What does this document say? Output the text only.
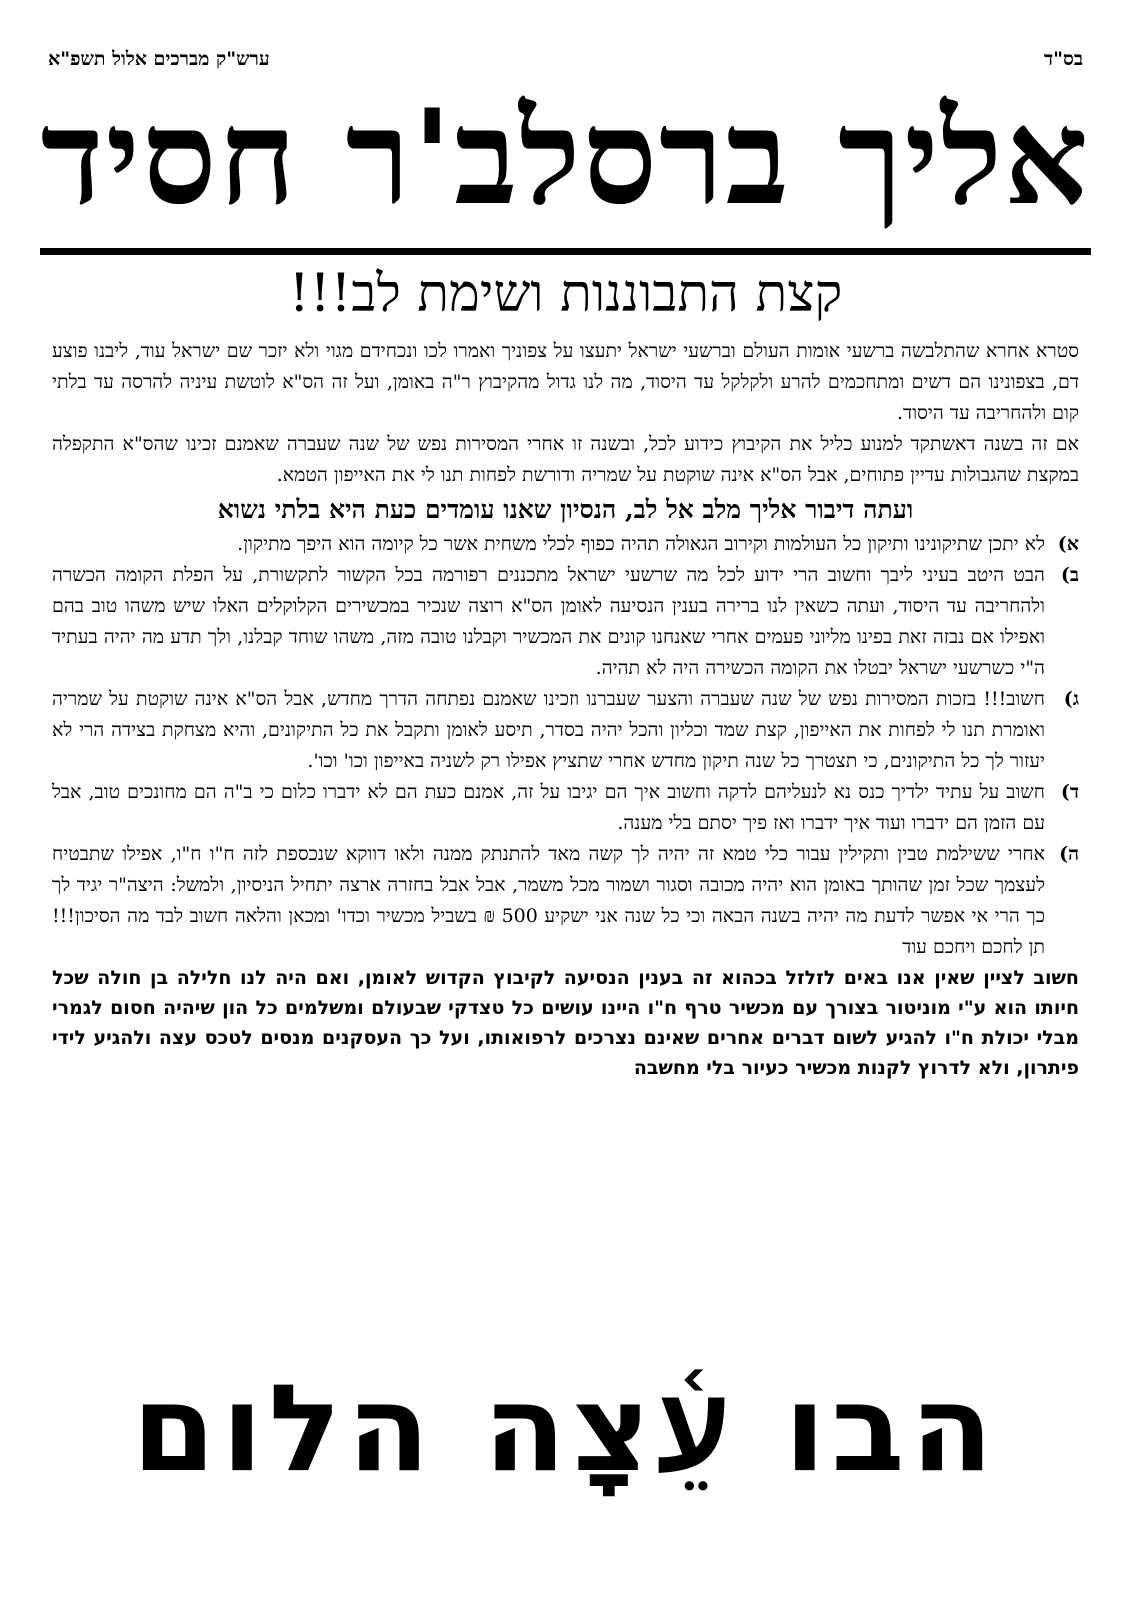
בס"ד
ערש"ק מברכים אלול תשפ"א
אליך ברסלב'ר חסיד
קצת התבוננות ושימת לב!!!

סטרא אחרא שהתלבשה ברשעי אומות העולם וברשעי ישראל יתעצו על צפוניך ואמרו לכו ונכחידם מגוי ולא יזכר שם ישראל עוד, ליבנו פוצע דם, בצפונינו הם דשים ומתחכמים להרע ולקלקל עד היסוד, מה לנו גדול מהקיבוץ ר"ה באומן, ועל זה הס"א לוטשת עיניה להרסה עד בלתי קום ולהחריבה עד היסוד.

אם זה בשנה דאשתקד למנוע כליל את הקיבוץ כידוע לכל, ובשנה זו אחרי המסירות נפש של שנה שעברה שאמנם זכינו שהס"א התקפלה במקצת שהגבולות עדיין פתוחים, אבל הס"א אינה שוקטת על שמריה ודורשת לפחות תנו לי את האייפון הטמא.

ועתה דיבור אליך מלב אל לב, הנסיון שאנו עומדים כעת היא בלתי נשוא
א)
לא יתכן שתיקונינו ותיקון כל העולמות וקירוב הגאולה תהיה כפוף לכלי משחית אשר כל קיומה הוא היפך מתיקון.
ב)
הבט היטב בעיני ליבך וחשוב הרי ידוע לכל מה שרשעי ישראל מתכננים רפורמה בכל הקשור לתקשורת, על הפלת הקומה הכשרה ולהחריבה עד היסוד, ועתה כשאין לנו ברירה בענין הנסיעה לאומן הס"א רוצה שנכיר במכשירים הקלוקלים האלו שיש משהו טוב בהם ואפילו אם נבזה זאת בפינו מליוני פעמים אחרי שאנחנו קונים את המכשיר וקבלנו טובה מזה, משהו שוחד קבלנו, ולך תדע מה יהיה בעתיד ה"י כשרשעי ישראל יבטלו את הקומה הכשירה היה לא תהיה.
ג)
חשוב!!! בזכות המסירות נפש של שנה שעברה והצער שעברנו וזכינו שאמנם נפתחה הדרך מחדש, אבל הס"א אינה שוקטת על שמריה ואומרת תנו לי לפחות את האייפון, קצת שמד וכליון והכל יהיה בסדר, תיסע לאומן ותקבל את כל התיקונים, והיא מצחקת בצידה הרי לא יעזור לך כל התיקונים, כי תצטרך כל שנה תיקון מחדש אחרי שתציץ אפילו רק לשניה באייפון וכו' וכו'.
ד)
חשוב על עתיד ילדיך כנס נא לנעליהם לדקה וחשוב איך הם יגיבו על זה, אמנם כעת הם לא ידברו כלום כי ב"ה הם מחונכים טוב, אבל עם הזמן הם ידברו ועוד איך ידברו ואז פיך יסתם בלי מענה.
ה)
אחרי ששילמת טבין ותקילין עבור כלי טמא זה יהיה לך קשה מאד להתנתק ממנה ולאו דווקא שנכספת לזה ח"ו ח"ו, אפילו שתבטיח לעצמך שכל זמן שהותך באומן הוא יהיה מכובה וסגור ושמור מכל משמר, אבל אבל בחזרה ארצה יתחיל הניסיון, ולמשל: היצה"ר יגיד לך כך הרי אי אפשר לדעת מה יהיה בשנה הבאה וכי כל שנה אני ישקיע 500 ₪ בשביל מכשיר וכדו' ומכאן והלאה חשוב לבד מה הסיכון!!! תן לחכם ויחכם עוד

חשוב לציין שאין אנו באים לזלזל בכהוא זה בענין הנסיעה לקיבוץ הקדוש לאומן, ואם היה לנו חלילה בן חולה שכל חיותו הוא ע"י מוניטור בצורך עם מכשיר טרף ח"ו היינו עושים כל טצדקי שבעולם ומשלמים כל הון שיהיה חסום לגמרי מבלי יכולת ח"ו להגיע לשום דברים אחרים שאינם נצרכים לרפואותו, ועל כך העסקנים מנסים לטכס עצה ולהגיע לידי פיתרון, ולא לדרוץ לקנות מכשיר כעיור בלי מחשבה

הבו עֵ֫צָה הלום
